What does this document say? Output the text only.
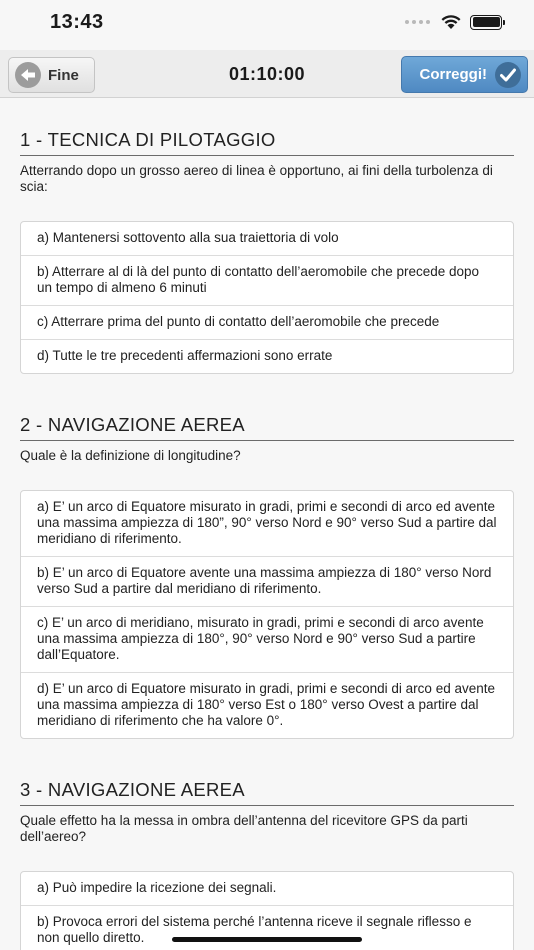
13:43
Fine	01:10:00	Correggi!
1 - TECNICA DI PILOTAGGIO
Atterrando dopo un grosso aereo di linea è opportuno, ai fini della turbolenza di scia:
a) Mantenersi sottovento alla sua traiettoria di volo
b) Atterrare al di là del punto di contatto dell’aeromobile che precede dopo un tempo di almeno 6 minuti
c) Atterrare prima del punto di contatto dell’aeromobile che precede
d) Tutte le tre precedenti affermazioni sono errate
2 - NAVIGAZIONE AEREA
Quale è la definizione di longitudine?
a) E’ un arco di Equatore misurato in gradi, primi e secondi di arco ed avente una massima ampiezza di 180”, 90° verso Nord e 90° verso Sud a partire dal meridiano di riferimento.
b) E’ un arco di Equatore avente una massima ampiezza di 180° verso Nord verso Sud a partire dal meridiano di riferimento.
c) E’ un arco di meridiano, misurato in gradi, primi e secondi di arco avente una massima ampiezza di 180°, 90° verso Nord e 90° verso Sud a partire dall’Equatore.
d) E’ un arco di Equatore misurato in gradi, primi e secondi di arco ed avente una massima ampiezza di 180° verso Est o 180° verso Ovest a partire dal meridiano di riferimento che ha valore 0°.
3 - NAVIGAZIONE AEREA
Quale effetto ha la messa in ombra dell’antenna del ricevitore GPS da parti dell’aereo?
a) Può impedire la ricezione dei segnali.
b) Provoca errori del sistema perché l’antenna riceve il segnale riflesso e non quello diretto.
